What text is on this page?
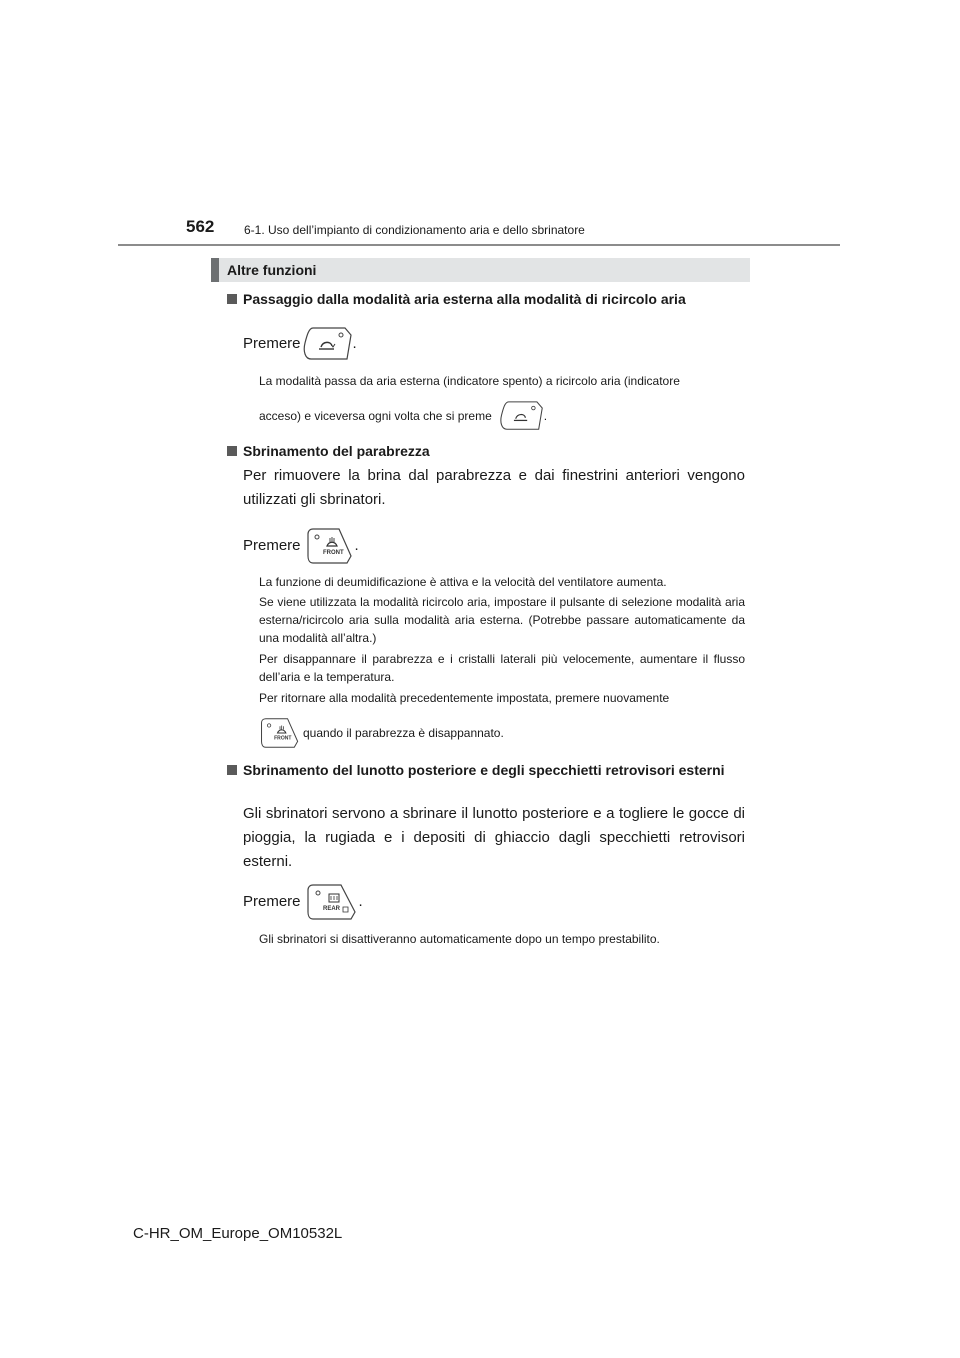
562 6-1. Uso dell’impianto di condizionamento aria e dello sbrinatore
Altre funzioni
Passaggio dalla modalità aria esterna alla modalità di ricircolo aria
Premere	.
La modalità passa da aria esterna (indicatore spento) a ricircolo aria (indicatore
acceso) e viceversa ogni volta che si preme	.
Sbrinamento del parabrezza
Per rimuovere la brina dal parabrezza e dai finestrini anteriori vengono utilizzati gli sbrinatori.
Premere	FRONT .
La funzione di deumidificazione è attiva e la velocità del ventilatore aumenta.
Se viene utilizzata la modalità ricircolo aria, impostare il pulsante di selezione modalità aria esterna/ricircolo aria sulla modalità aria esterna. (Potrebbe passare automaticamente da una modalità all’altra.)
Per disappannare il parabrezza e i cristalli laterali più velocemente, aumentare il flusso dell’aria e la temperatura.
Per ritornare alla modalità precedentemente impostata, premere nuovamente
FRONT quando il parabrezza è disappannato.
Sbrinamento del lunotto posteriore e degli specchietti retrovisori esterni
Gli sbrinatori servono a sbrinare il lunotto posteriore e a togliere le gocce di pioggia, la rugiada e i depositi di ghiaccio dagli specchietti retrovisori esterni.
Premere	REAR .
Gli sbrinatori si disattiveranno automaticamente dopo un tempo prestabilito.
C-HR_OM_Europe_OM10532L
